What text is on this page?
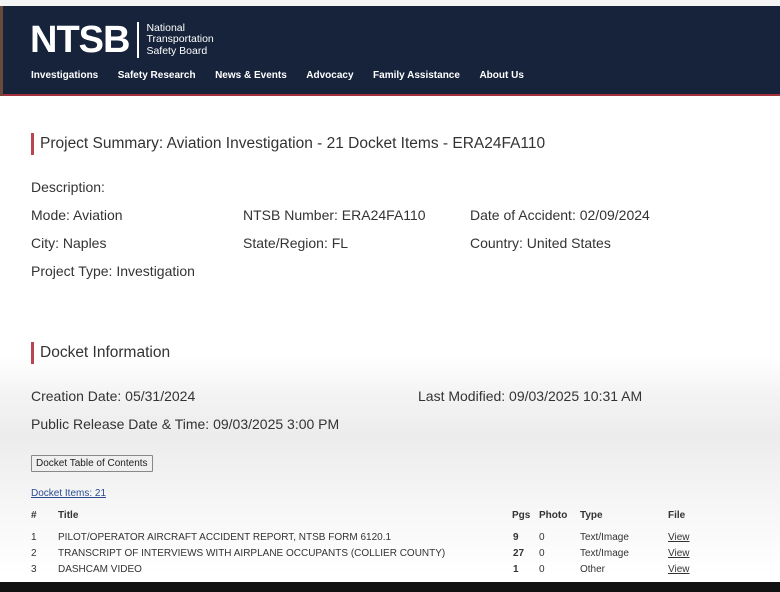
NTSB National
Transportation
Safety Board
Investigations Safety Research News & Events Advocacy Family Assistance About Us
Project Summary: Aviation Investigation - 21 Docket Items - ERA24FA110
Description:
Mode: Aviation	NTSB Number: ERA24FA110	Date of Accident: 02/09/2024
City: Naples	State/Region: FL	Country: United States
Project Type: Investigation
Docket Information
Creation Date: 05/31/2024	Last Modified: 09/03/2025 10:31 AM
Public Release Date & Time: 09/03/2025 3:00 PM
Docket Table of Contents
Docket Items: 21
# Title	Pgs Photo Type	File
1 PILOT/OPERATOR AIRCRAFT ACCIDENT REPORT, NTSB FORM 6120.1	9 0	Text/Image	View
2 TRANSCRIPT OF INTERVIEWS WITH AIRPLANE OCCUPANTS (COLLIER COUNTY)	27 0	Text/Image	View
3 DASHCAM VIDEO	1 0	Other	View
